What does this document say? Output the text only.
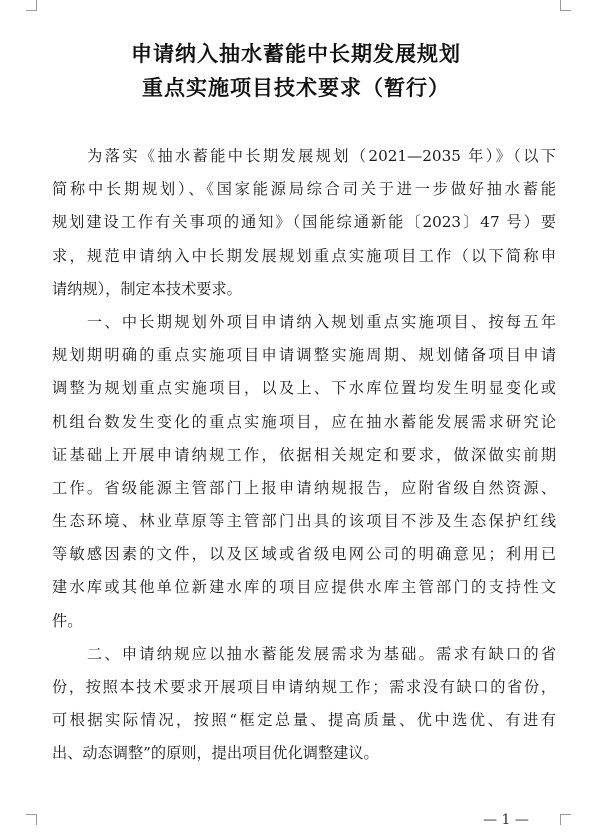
申请纳入抽水蓄能中长期发展规划
重点实施项目技术要求（暂行）
　　为落实《抽水蓄能中长期发展规划（2021—2035 年）》（以下
简称中长期规划）、《国家能源局综合司关于进一步做好抽水蓄能
规划建设工作有关事项的通知》（国能综通新能〔2023〕47 号）要
求，规范申请纳入中长期发展规划重点实施项目工作（以下简称申
请纳规），制定本技术要求。
　　一、中长期规划外项目申请纳入规划重点实施项目、按每五年
规划期明确的重点实施项目申请调整实施周期、规划储备项目申请
调整为规划重点实施项目，以及上、下水库位置均发生明显变化或
机组台数发生变化的重点实施项目，应在抽水蓄能发展需求研究论
证基础上开展申请纳规工作，依据相关规定和要求，做深做实前期
工作。省级能源主管部门上报申请纳规报告，应附省级自然资源、
生态环境、林业草原等主管部门出具的该项目不涉及生态保护红线
等敏感因素的文件，以及区域或省级电网公司的明确意见；利用已
建水库或其他单位新建水库的项目应提供水库主管部门的支持性文
件。
　　二、申请纳规应以抽水蓄能发展需求为基础。需求有缺口的省
份，按照本技术要求开展项目申请纳规工作；需求没有缺口的省份，
可根据实际情况，按照“框定总量、提高质量、优中选优、有进有
出、动态调整”的原则，提出项目优化调整建议。
— 1 —
